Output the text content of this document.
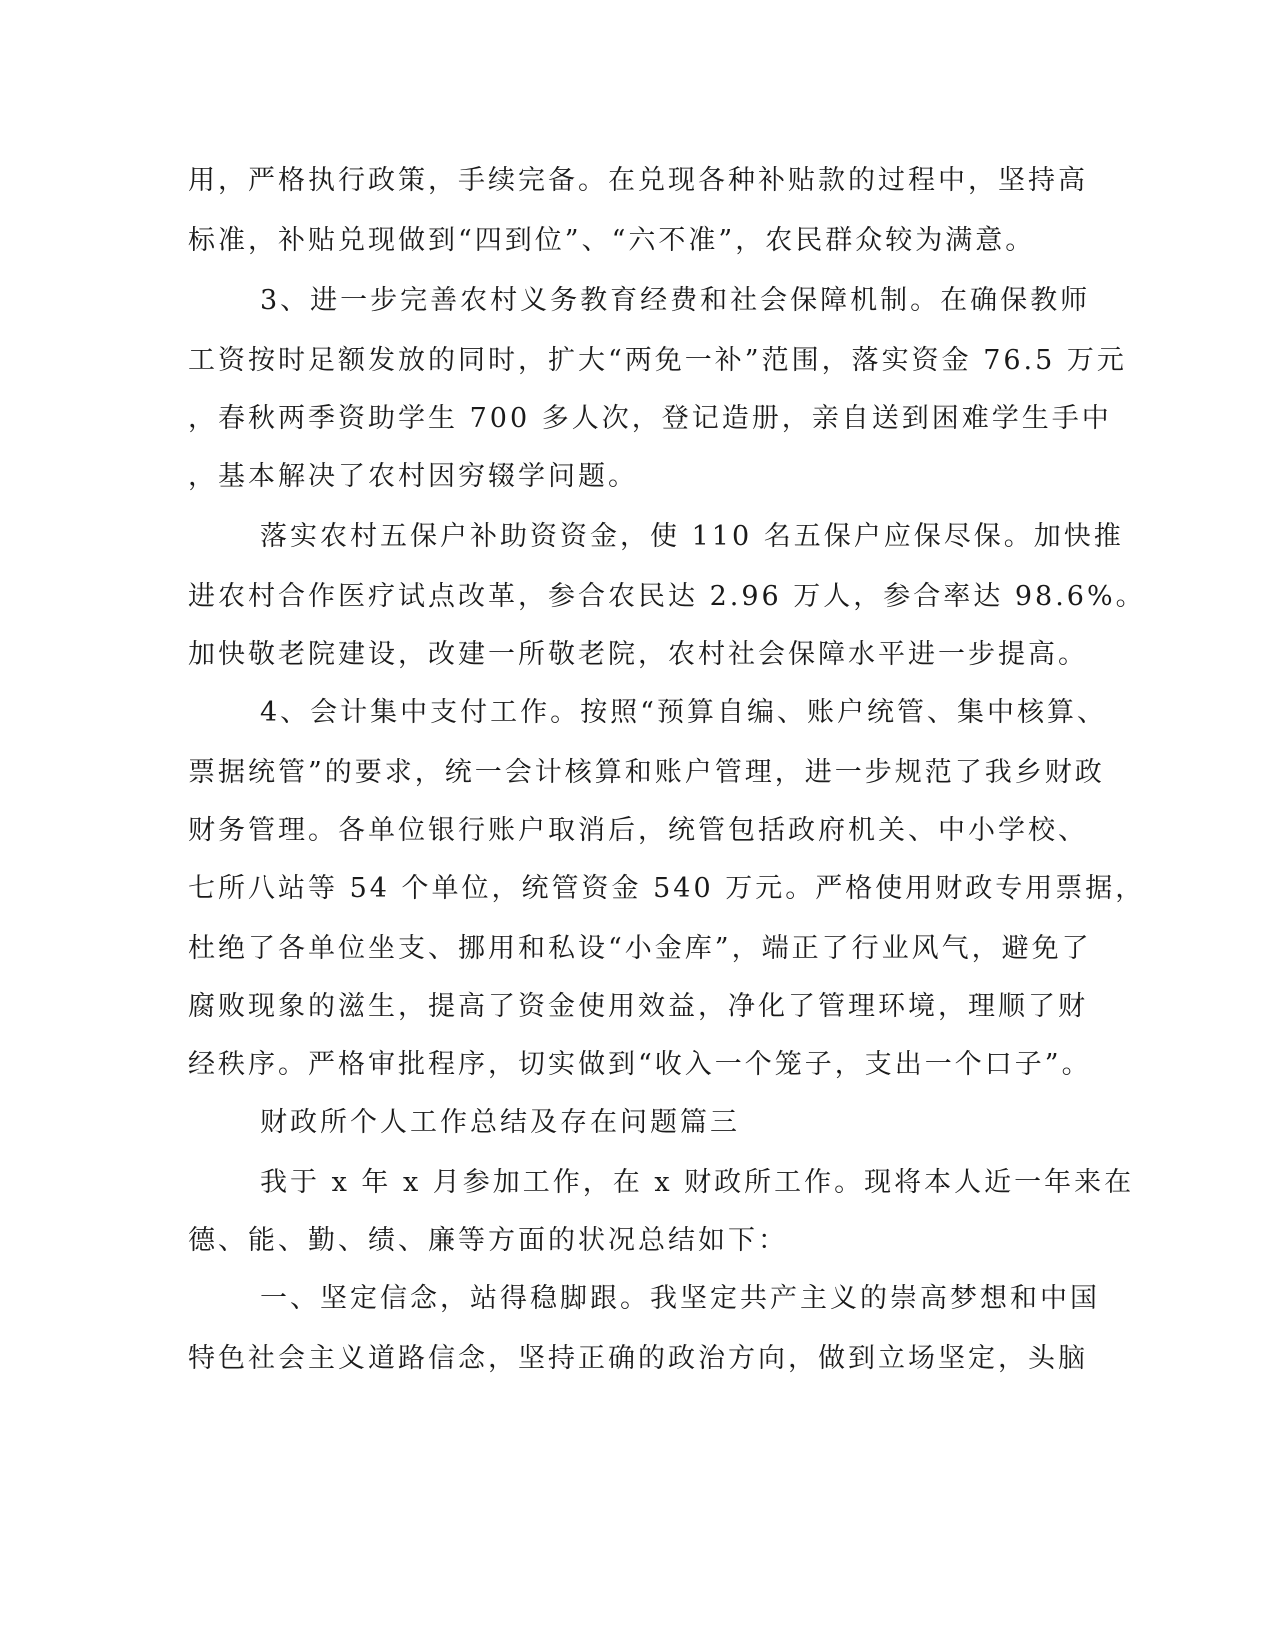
用，严格执行政策，手续完备。在兑现各种补贴款的过程中，坚持高
标准，补贴兑现做到“四到位”、“六不准”，农民群众较为满意。
3、进一步完善农村义务教育经费和社会保障机制。在确保教师
工资按时足额发放的同时，扩大“两免一补”范围，落实资金 76.5 万元
，春秋两季资助学生 700 多人次，登记造册，亲自送到困难学生手中
，基本解决了农村因穷辍学问题。
落实农村五保户补助资资金，使 110 名五保户应保尽保。加快推
进农村合作医疗试点改革，参合农民达 2.96 万人，参合率达 98.6%。
加快敬老院建设，改建一所敬老院，农村社会保障水平进一步提高。
4、会计集中支付工作。按照“预算自编、账户统管、集中核算、
票据统管”的要求，统一会计核算和账户管理，进一步规范了我乡财政
财务管理。各单位银行账户取消后，统管包括政府机关、中小学校、
七所八站等 54 个单位，统管资金 540 万元。严格使用财政专用票据，
杜绝了各单位坐支、挪用和私设“小金库”，端正了行业风气，避免了
腐败现象的滋生，提高了资金使用效益，净化了管理环境，理顺了财
经秩序。严格审批程序，切实做到“收入一个笼子，支出一个口子”。
财政所个人工作总结及存在问题篇三
我于 x 年 x 月参加工作，在 x 财政所工作。现将本人近一年来在
德、能、勤、绩、廉等方面的状况总结如下：
一、坚定信念，站得稳脚跟。我坚定共产主义的崇高梦想和中国
特色社会主义道路信念，坚持正确的政治方向，做到立场坚定，头脑
